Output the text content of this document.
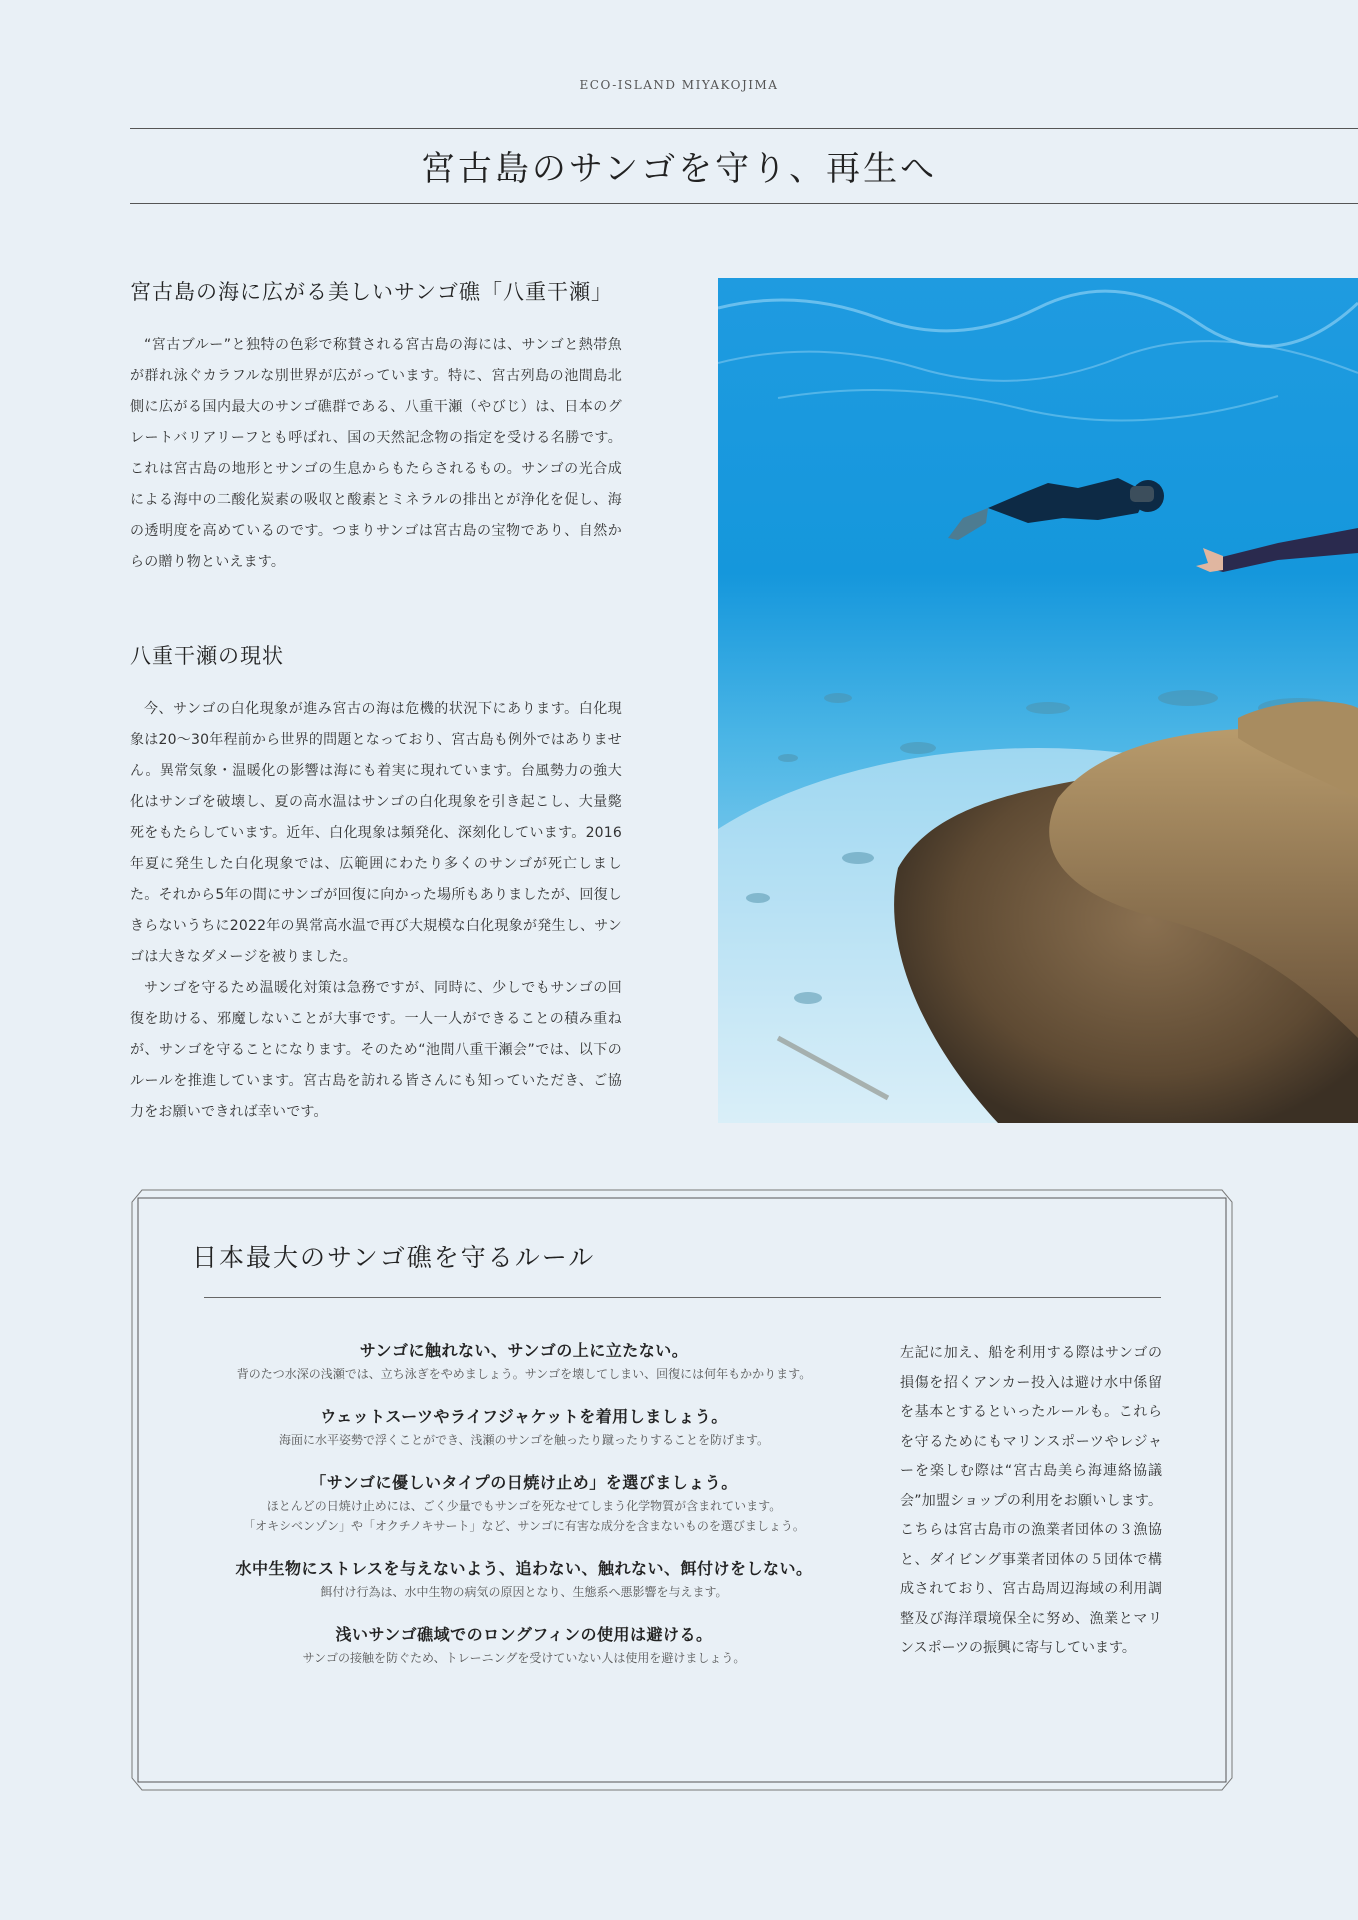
ECO-ISLAND MIYAKOJIMA
宮古島のサンゴを守り、再生へ
宮古島の海に広がる美しいサンゴ礁「八重干瀬」

“宮古ブルー”と独特の色彩で称賛される宮古島の海には、サンゴと熱帯魚が群れ泳ぐカラフルな別世界が広がっています。特に、宮古列島の池間島北側に広がる国内最大のサンゴ礁群である、八重干瀬（やびじ）は、日本のグレートバリアリーフとも呼ばれ、国の天然記念物の指定を受ける名勝です。これは宮古島の地形とサンゴの生息からもたらされるもの。サンゴの光合成による海中の二酸化炭素の吸収と酸素とミネラルの排出とが浄化を促し、海の透明度を高めているのです。つまりサンゴは宮古島の宝物であり、自然からの贈り物といえます。

八重干瀬の現状

今、サンゴの白化現象が進み宮古の海は危機的状況下にあります。白化現象は20〜30年程前から世界的問題となっており、宮古島も例外ではありません。異常気象・温暖化の影響は海にも着実に現れています。台風勢力の強大化はサンゴを破壊し、夏の高水温はサンゴの白化現象を引き起こし、大量斃死をもたらしています。近年、白化現象は頻発化、深刻化しています。2016年夏に発生した白化現象では、広範囲にわたり多くのサンゴが死亡しました。それから5年の間にサンゴが回復に向かった場所もありましたが、回復しきらないうちに2022年の異常高水温で再び大規模な白化現象が発生し、サンゴは大きなダメージを被りました。

サンゴを守るため温暖化対策は急務ですが、同時に、少しでもサンゴの回復を助ける、邪魔しないことが大事です。一人一人ができることの積み重ねが、サンゴを守ることになります。そのため“池間八重干瀬会”では、以下のルールを推進しています。宮古島を訪れる皆さんにも知っていただき、ご協力をお願いできれば幸いです。

日本最大のサンゴ礁を守るルール
サンゴに触れない、サンゴの上に立たない。
背のたつ水深の浅瀬では、立ち泳ぎをやめましょう。サンゴを壊してしまい、回復には何年もかかります。
ウェットスーツやライフジャケットを着用しましょう。
海面に水平姿勢で浮くことができ、浅瀬のサンゴを触ったり蹴ったりすることを防げます。
「サンゴに優しいタイプの日焼け止め」を選びましょう。
ほとんどの日焼け止めには、ごく少量でもサンゴを死なせてしまう化学物質が含まれています。
「オキシベンゾン」や「オクチノキサート」など、サンゴに有害な成分を含まないものを選びましょう。
水中生物にストレスを与えないよう、追わない、触れない、餌付けをしない。
餌付け行為は、水中生物の病気の原因となり、生態系へ悪影響を与えます。
浅いサンゴ礁域でのロングフィンの使用は避ける。
サンゴの接触を防ぐため、トレーニングを受けていない人は使用を避けましょう。
左記に加え、船を利用する際はサンゴの損傷を招くアンカー投入は避け水中係留を基本とするといったルールも。これらを守るためにもマリンスポーツやレジャーを楽しむ際は“宮古島美ら海連絡協議会”加盟ショップの利用をお願いします。こちらは宮古島市の漁業者団体の３漁協と、ダイビング事業者団体の５団体で構成されており、宮古島周辺海域の利用調整及び海洋環境保全に努め、漁業とマリンスポーツの振興に寄与しています。
